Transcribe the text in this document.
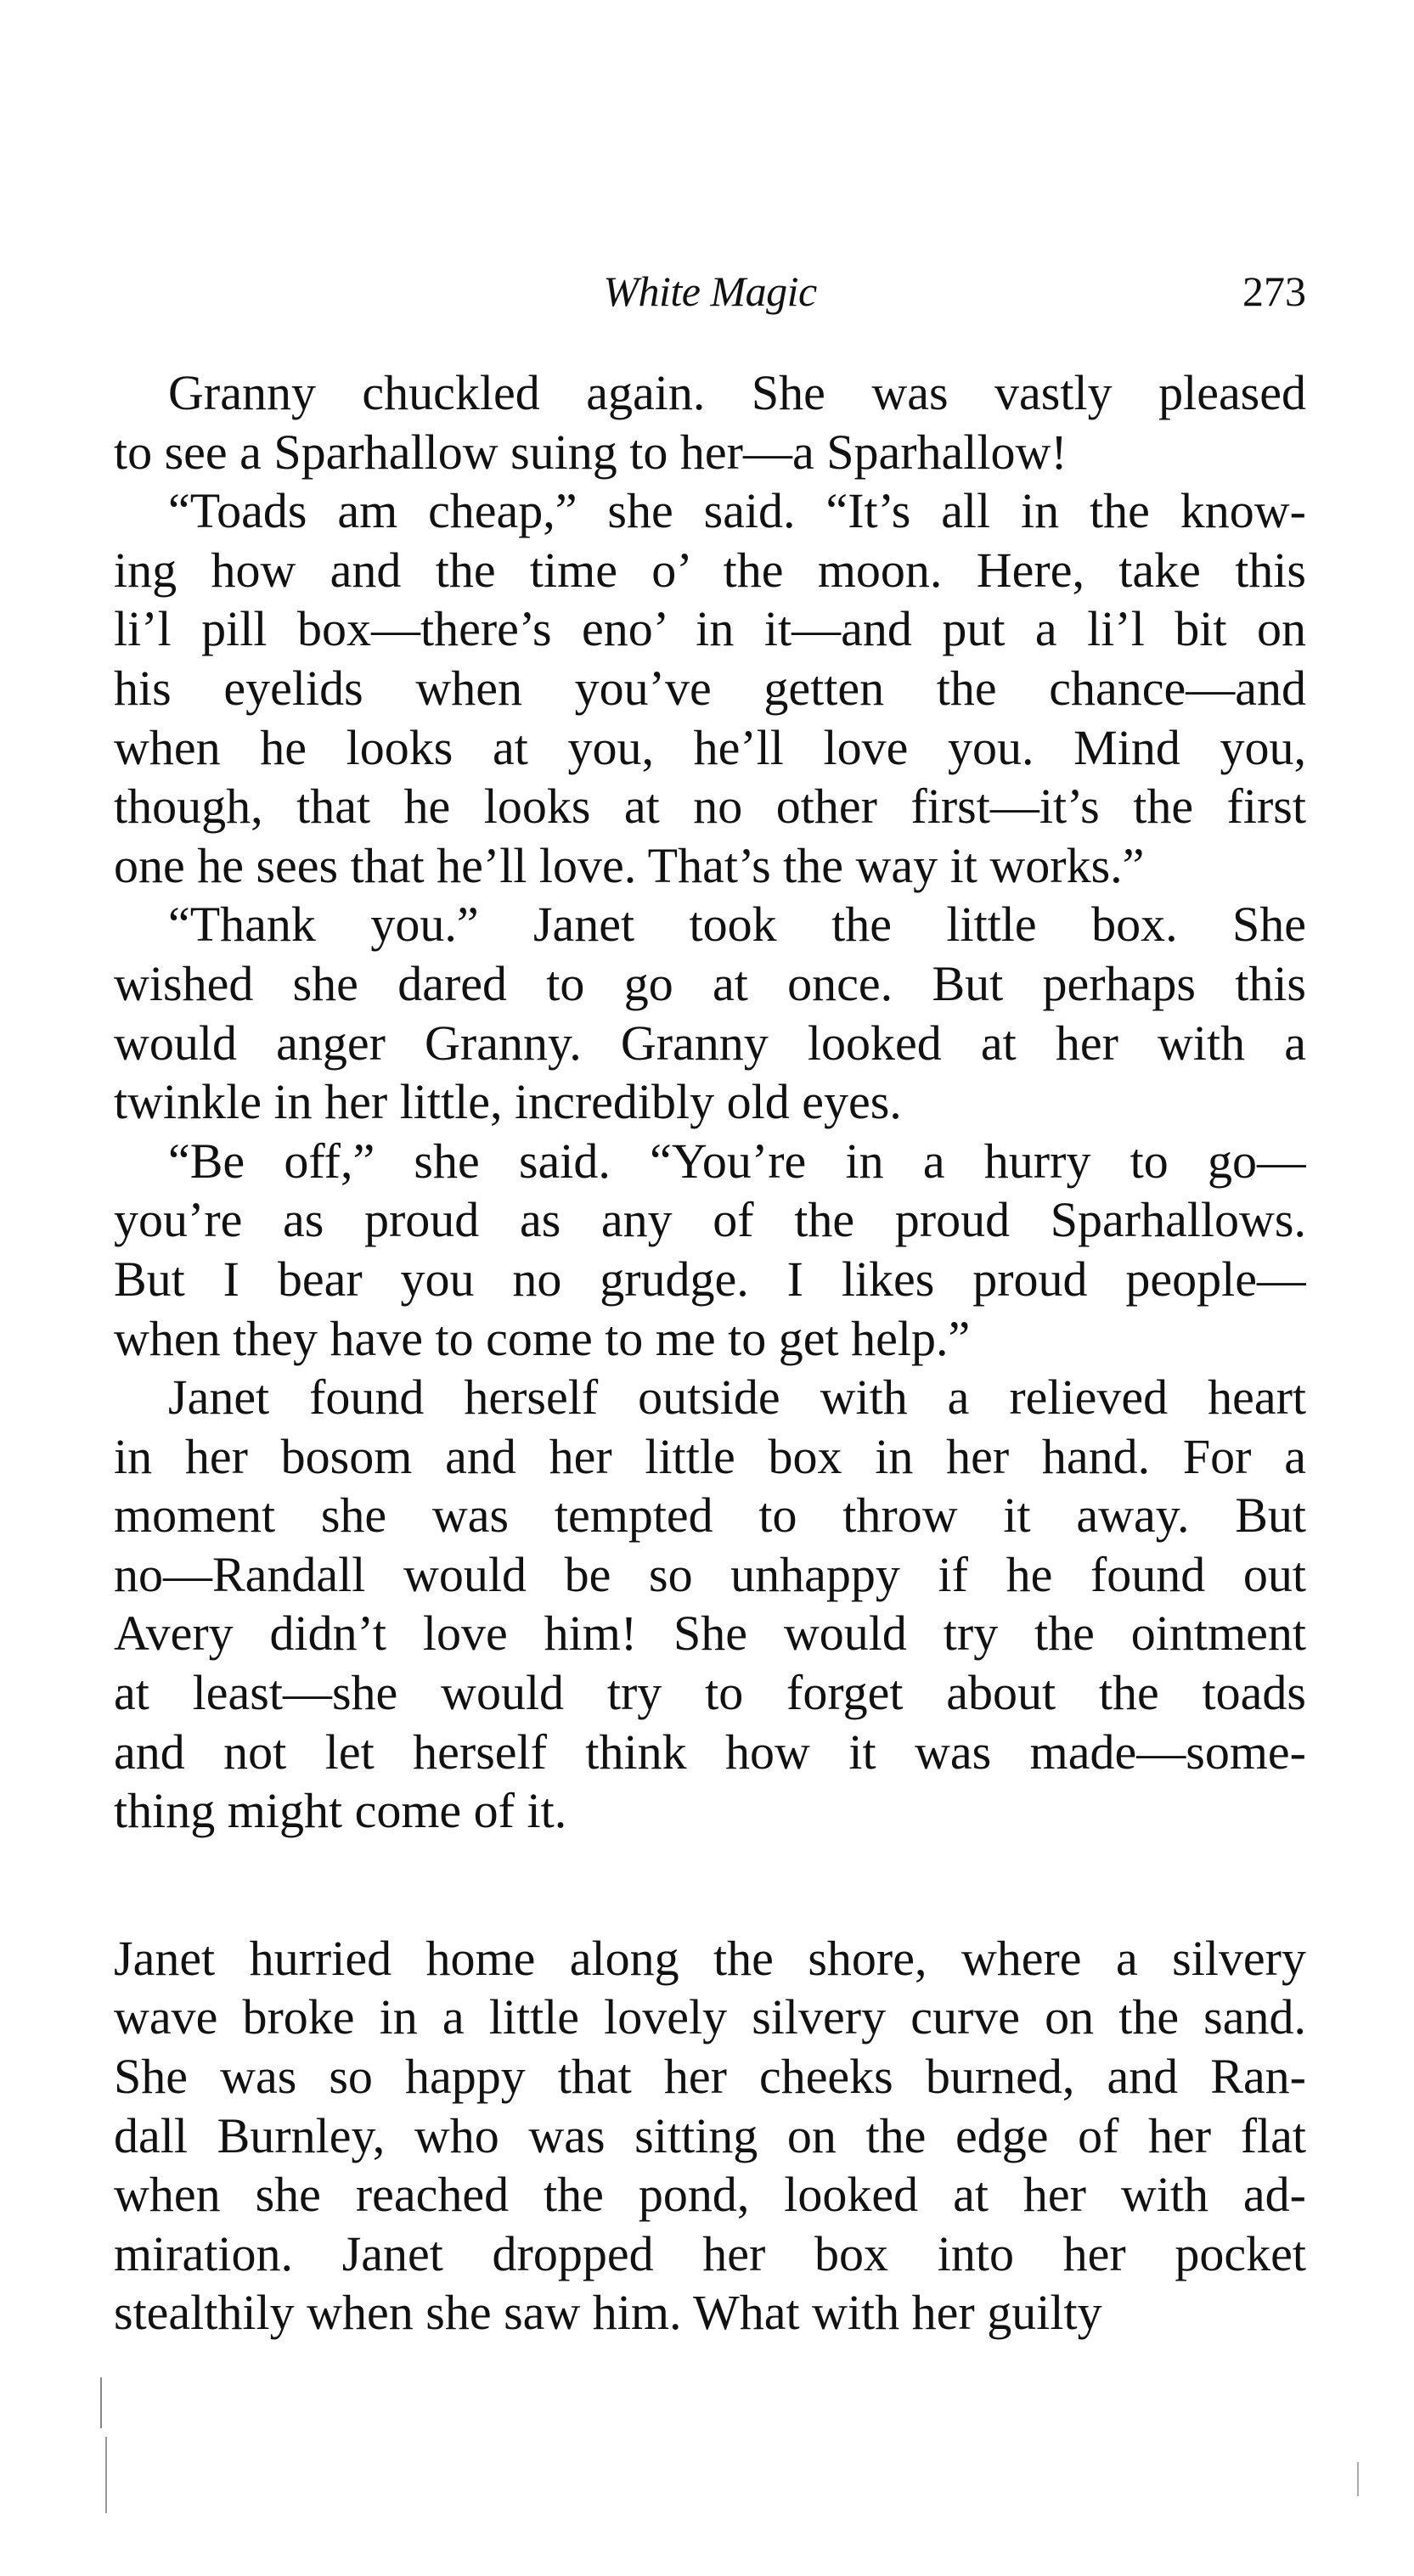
White Magic	273
Granny chuckled again. She was vastly pleased
to see a Sparhallow suing to her—a Sparhallow!
“Toads am cheap,” she said. “It’s all in the know-
ing how and the time o’ the moon. Here, take this
li’l pill box—there’s eno’ in it—and put a li’l bit on
his eyelids when you’ve getten the chance—and
when he looks at you, he’ll love you. Mind you,
though, that he looks at no other first—it’s the first
one he sees that he’ll love. That’s the way it works.”
“Thank you.” Janet took the little box. She
wished she dared to go at once. But perhaps this
would anger Granny. Granny looked at her with a
twinkle in her little, incredibly old eyes.
“Be off,” she said. “You’re in a hurry to go—
you’re as proud as any of the proud Sparhallows.
But I bear you no grudge. I likes proud people—
when they have to come to me to get help.”
Janet found herself outside with a relieved heart
in her bosom and her little box in her hand. For a
moment she was tempted to throw it away. But
no—Randall would be so unhappy if he found out
Avery didn’t love him! She would try the ointment
at least—she would try to forget about the toads
and not let herself think how it was made—some-
thing might come of it.
Janet hurried home along the shore, where a silvery
wave broke in a little lovely silvery curve on the sand.
She was so happy that her cheeks burned, and Ran-
dall Burnley, who was sitting on the edge of her flat
when she reached the pond, looked at her with ad-
miration. Janet dropped her box into her pocket
stealthily when she saw him. What with her guilty
